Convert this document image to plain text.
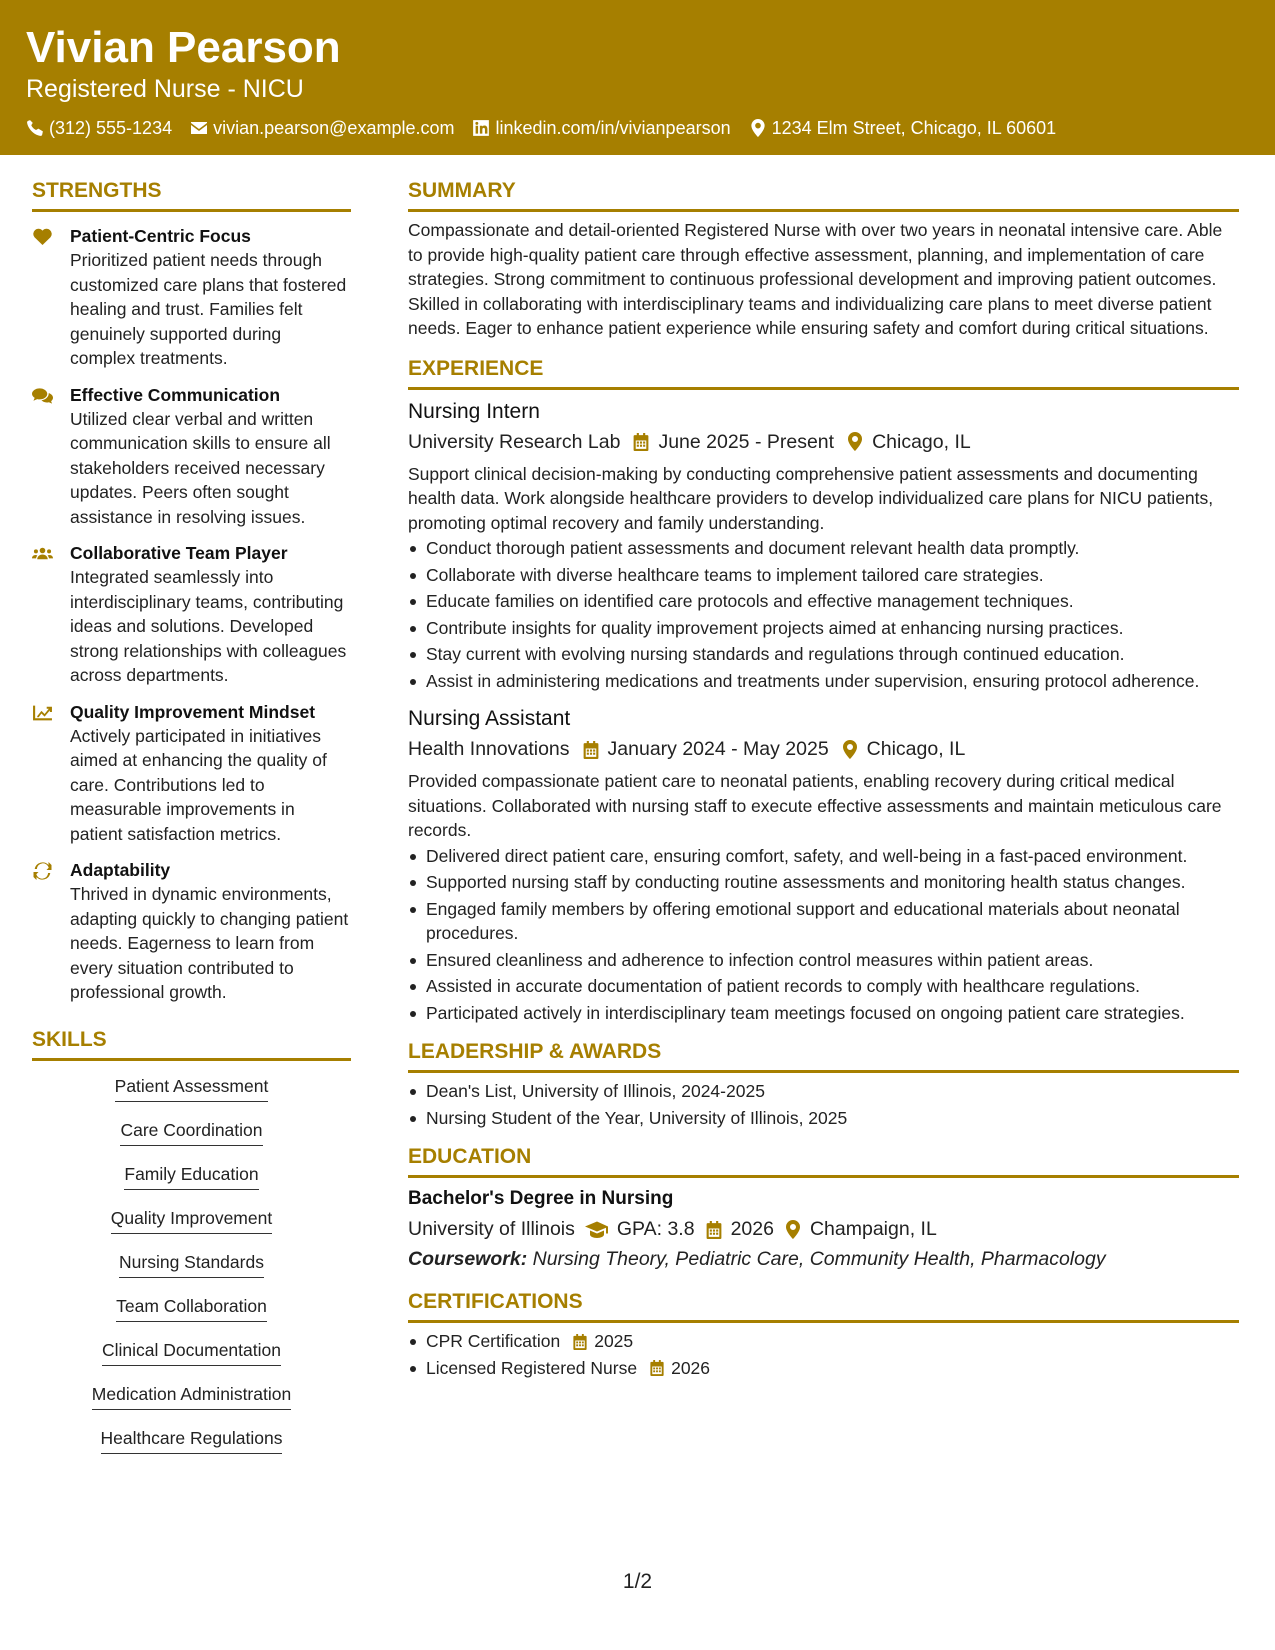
Vivian Pearson
Registered Nurse - NICU
(312) 555-1234 vivian.pearson@example.com linkedin.com/in/vivianpearson 1234 Elm Street, Chicago, IL 60601
STRENGTHS
Patient-Centric Focus
Prioritized patient needs through customized care plans that fostered healing and trust. Families felt genuinely supported during complex treatments.
Effective Communication
Utilized clear verbal and written communication skills to ensure all stakeholders received necessary updates. Peers often sought assistance in resolving issues.
Collaborative Team Player
Integrated seamlessly into interdisciplinary teams, contributing ideas and solutions. Developed strong relationships with colleagues across departments.
Quality Improvement Mindset
Actively participated in initiatives aimed at enhancing the quality of care. Contributions led to measurable improvements in patient satisfaction metrics.
Adaptability
Thrived in dynamic environments, adapting quickly to changing patient needs. Eagerness to learn from every situation contributed to professional growth.
SKILLS
Patient Assessment
Care Coordination
Family Education
Quality Improvement
Nursing Standards
Team Collaboration
Clinical Documentation
Medication Administration
Healthcare Regulations
SUMMARY
Compassionate and detail-oriented Registered Nurse with over two years in neonatal intensive care. Able to provide high-quality patient care through effective assessment, planning, and implementation of care strategies. Strong commitment to continuous professional development and improving patient outcomes. Skilled in collaborating with interdisciplinary teams and individualizing care plans to meet diverse patient needs. Eager to enhance patient experience while ensuring safety and comfort during critical situations.
EXPERIENCE
Nursing Intern
University Research Lab June 2025 - Present Chicago, IL
Support clinical decision-making by conducting comprehensive patient assessments and documenting health data. Work alongside healthcare providers to develop individualized care plans for NICU patients, promoting optimal recovery and family understanding.
Conduct thorough patient assessments and document relevant health data promptly.
Collaborate with diverse healthcare teams to implement tailored care strategies.
Educate families on identified care protocols and effective management techniques.
Contribute insights for quality improvement projects aimed at enhancing nursing practices.
Stay current with evolving nursing standards and regulations through continued education.
Assist in administering medications and treatments under supervision, ensuring protocol adherence.
Nursing Assistant
Health Innovations January 2024 - May 2025 Chicago, IL
Provided compassionate patient care to neonatal patients, enabling recovery during critical medical situations. Collaborated with nursing staff to execute effective assessments and maintain meticulous care records.
Delivered direct patient care, ensuring comfort, safety, and well-being in a fast-paced environment.
Supported nursing staff by conducting routine assessments and monitoring health status changes.
Engaged family members by offering emotional support and educational materials about neonatal procedures.
Ensured cleanliness and adherence to infection control measures within patient areas.
Assisted in accurate documentation of patient records to comply with healthcare regulations.
Participated actively in interdisciplinary team meetings focused on ongoing patient care strategies.
LEADERSHIP & AWARDS
Dean's List, University of Illinois, 2024-2025
Nursing Student of the Year, University of Illinois, 2025
EDUCATION
Bachelor's Degree in Nursing
University of Illinois GPA: 3.8 2026 Champaign, IL
Coursework: Nursing Theory, Pediatric Care, Community Health, Pharmacology
CERTIFICATIONS
CPR Certification 2025
Licensed Registered Nurse 2026
1/2
